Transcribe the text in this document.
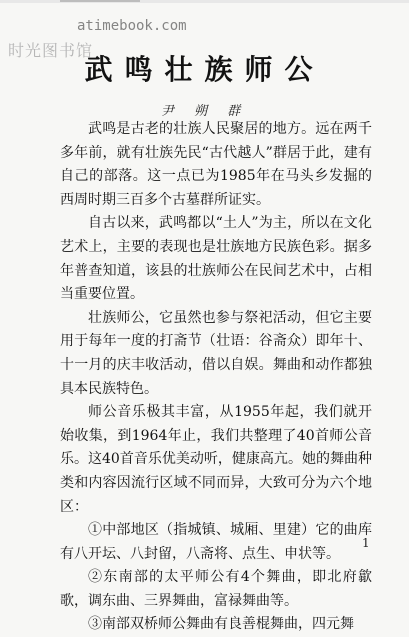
atimebook.com
时光图书馆
武鸣壮族师公
尹 朔 群

武鸣是古老的壮族人民聚居的地方。远在两千多年前，就有壮族先民“古代越人”群居于此，建有自己的部落。这一点已为1985年在马头乡发掘的西周时期三百多个古墓群所证实。

自古以来，武鸣都以“土人”为主，所以在文化艺术上，主要的表现也是壮族地方民族色彩。据多年普查知道，该县的壮族师公在民间艺术中，占相当重要位置。

壮族师公，它虽然也参与祭祀活动，但它主要用于每年一度的打斋节（壮语：谷斋众）即年十、十一月的庆丰收活动，借以自娱。舞曲和动作都独具本民族特色。

师公音乐极其丰富，从1955年起，我们就开始收集，到1964年止，我们共整理了40首师公音乐。这40首音乐优美动听，健康高亢。她的舞曲种类和内容因流行区域不同而异，大致可分为六个地区：

①中部地区（指城镇、城厢、里建）它的曲库有八开坛、八封留，八斋将、点生、申状等。

②东南部的太平师公有4个舞曲，即北府歙歌，调东曲、三界舞曲，富禄舞曲等。

③南部双桥师公舞曲有良善棍舞曲，四元舞

1
